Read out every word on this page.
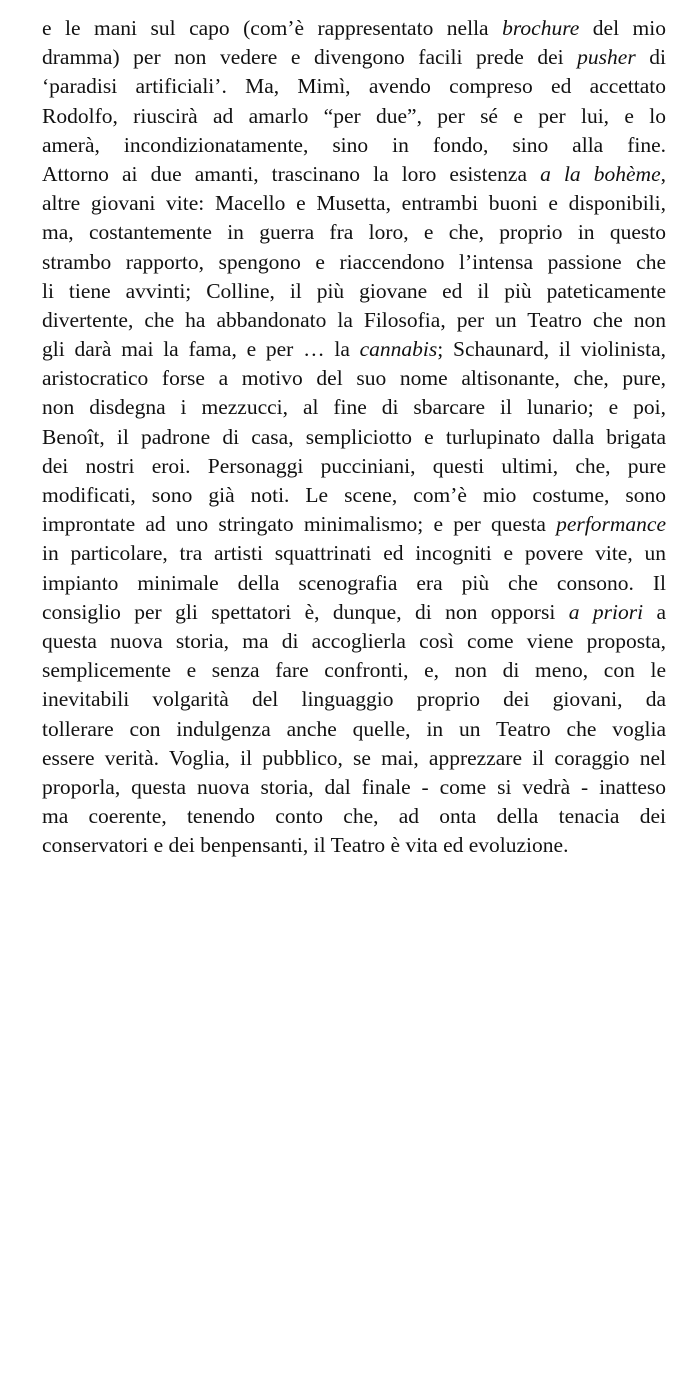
e le mani sul capo (com’è rappresentato nella brochure del mio
dramma) per non vedere e divengono facili prede dei pusher di
‘paradisi artificiali’. Ma, Mimì, avendo compreso ed accettato
Rodolfo, riuscirà ad amarlo “per due”, per sé e per lui, e lo
amerà, incondizionatamente, sino in fondo, sino alla fine.
Attorno ai due amanti, trascinano la loro esistenza a la bohème,
altre giovani vite: Macello e Musetta, entrambi buoni e disponibili,
ma, costantemente in guerra fra loro, e che, proprio in questo
strambo rapporto, spengono e riaccendono l’intensa passione che
li tiene avvinti; Colline, il più giovane ed il più pateticamente
divertente, che ha abbandonato la Filosofia, per un Teatro che non
gli darà mai la fama, e per … la cannabis; Schaunard, il violinista,
aristocratico forse a motivo del suo nome altisonante, che, pure,
non disdegna i mezzucci, al fine di sbarcare il lunario; e poi,
Benoît, il padrone di casa, sempliciotto e turlupinato dalla brigata
dei nostri eroi. Personaggi pucciniani, questi ultimi, che, pure
modificati, sono già noti. Le scene, com’è mio costume, sono
improntate ad uno stringato minimalismo; e per questa performance
in particolare, tra artisti squattrinati ed incogniti e povere vite, un
impianto minimale della scenografia era più che consono. Il
consiglio per gli spettatori è, dunque, di non opporsi a priori a
questa nuova storia, ma di accoglierla così come viene proposta,
semplicemente e senza fare confronti, e, non di meno, con le
inevitabili volgarità del linguaggio proprio dei giovani, da
tollerare con indulgenza anche quelle, in un Teatro che voglia
essere verità. Voglia, il pubblico, se mai, apprezzare il coraggio nel
proporla, questa nuova storia, dal finale - come si vedrà - inatteso
ma coerente, tenendo conto che, ad onta della tenacia dei
conservatori e dei benpensanti, il Teatro è vita ed evoluzione.
